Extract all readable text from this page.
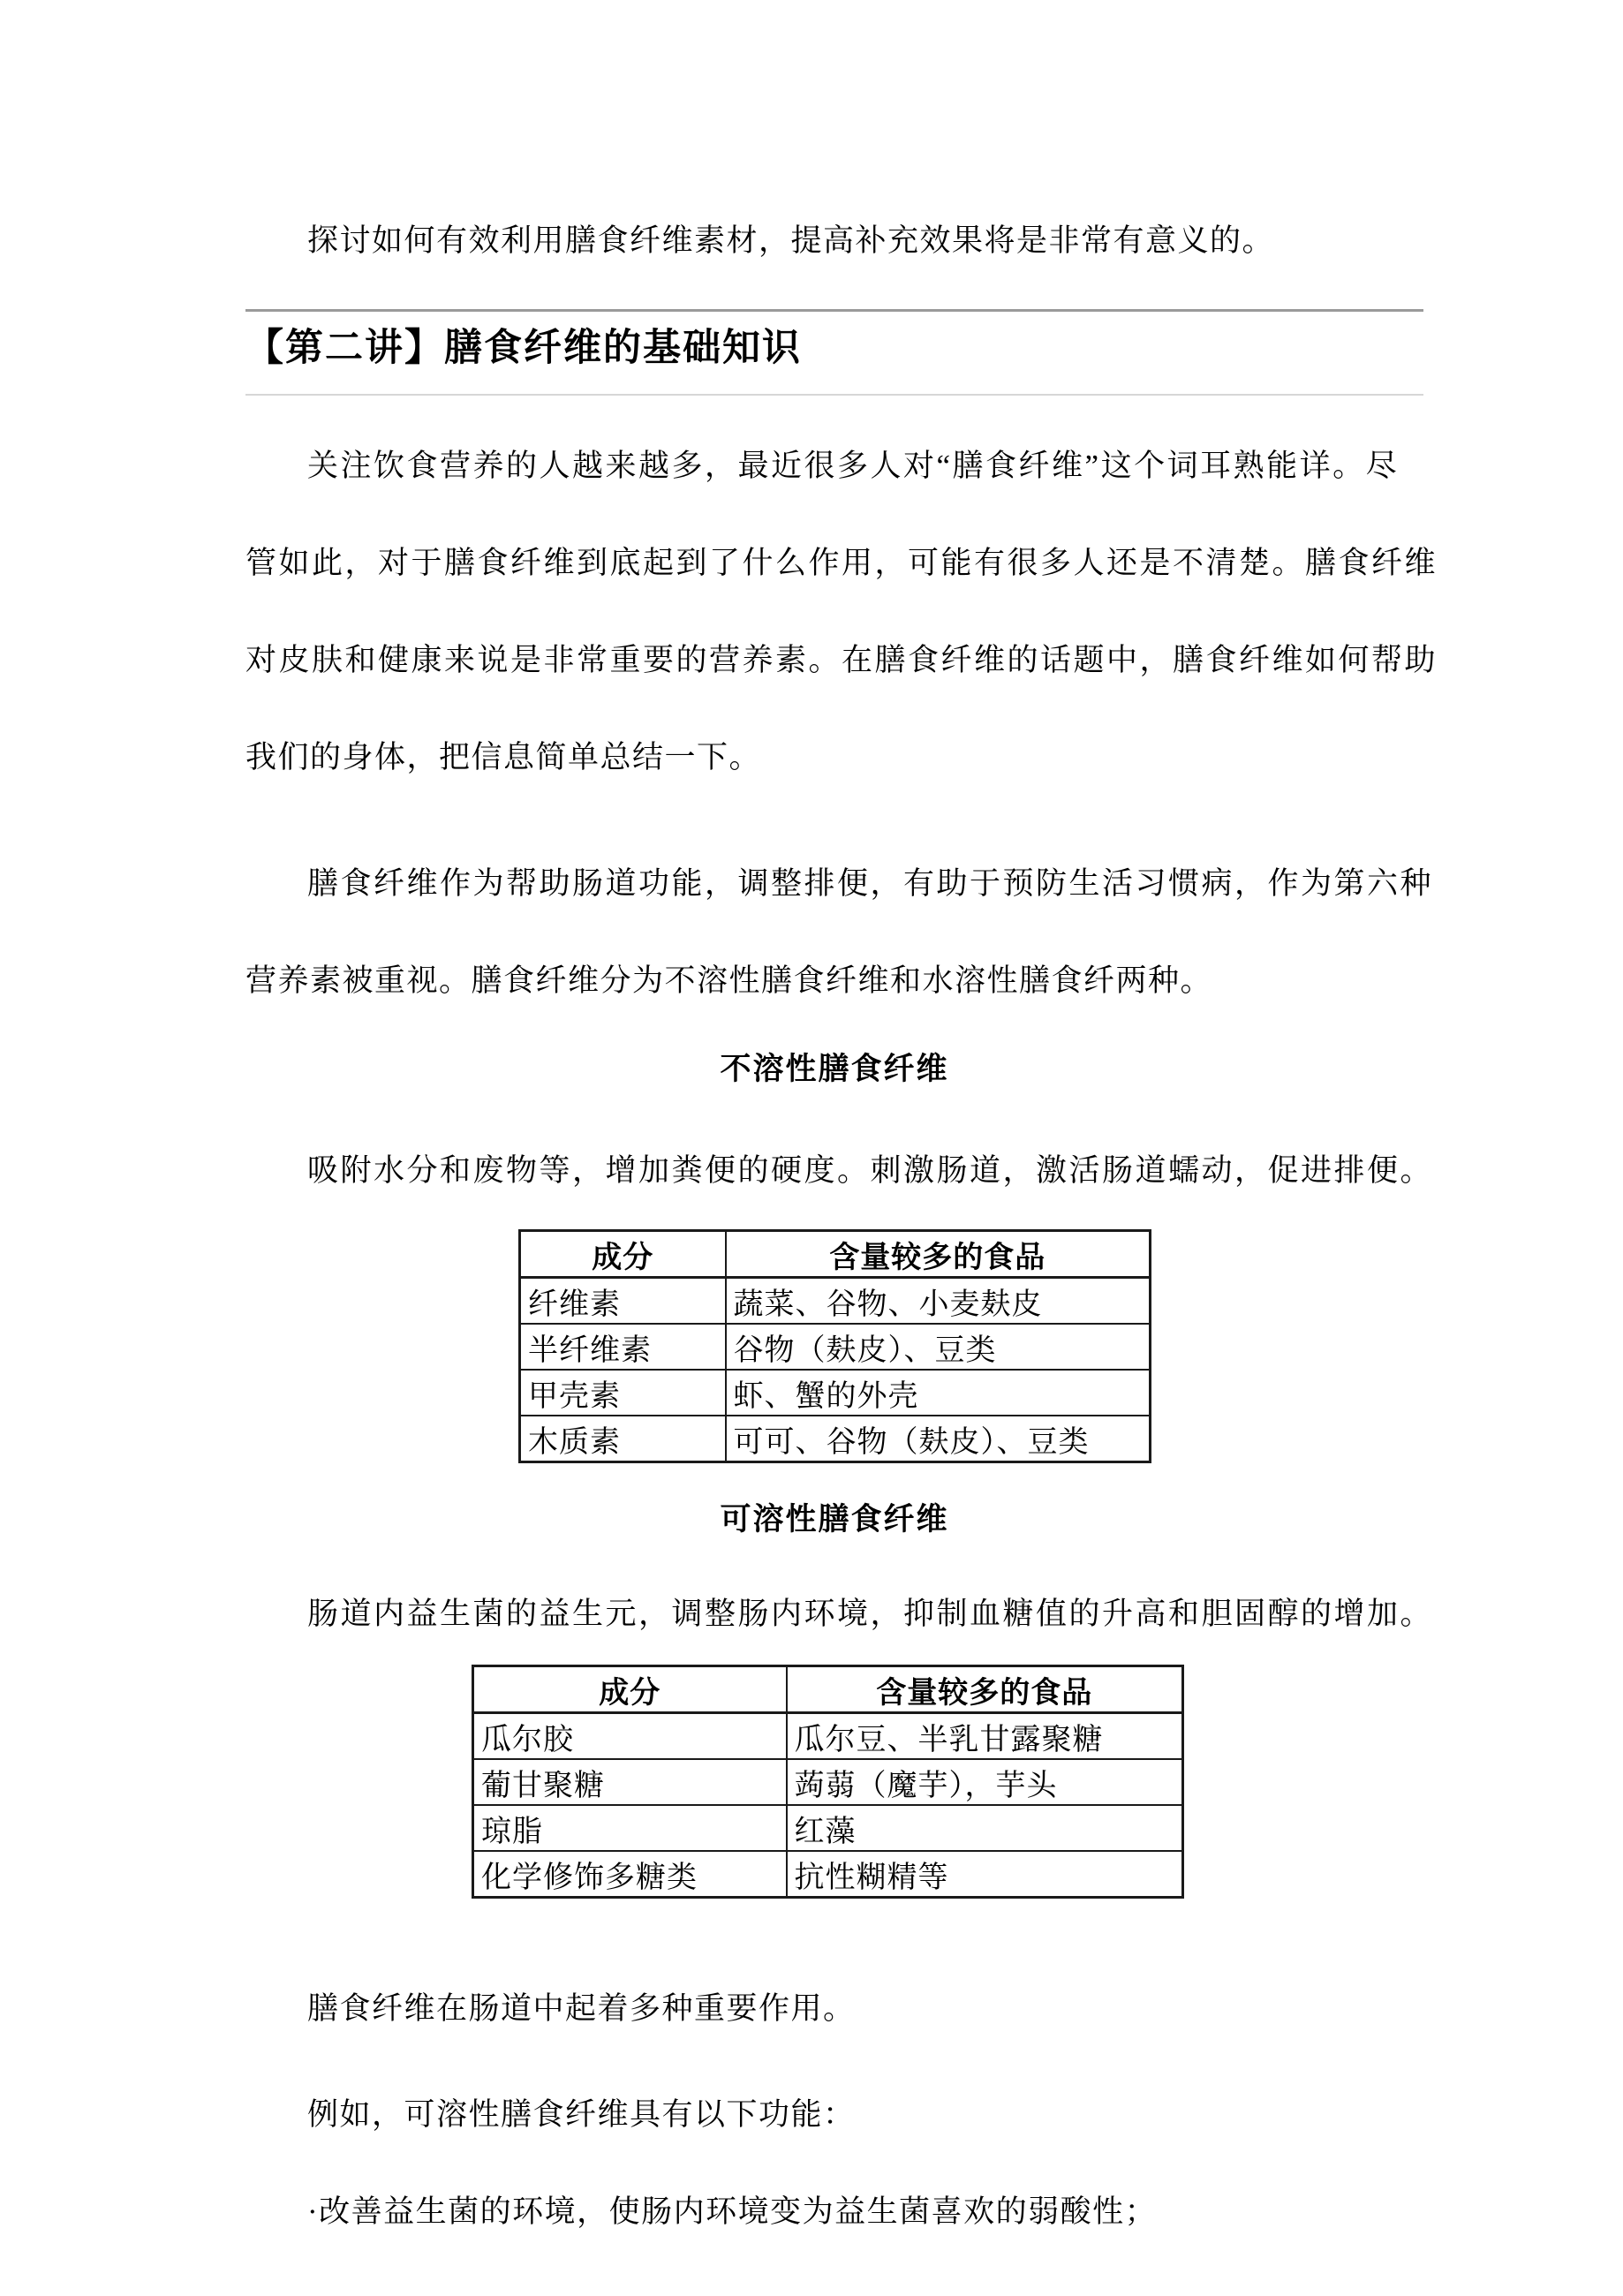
探讨如何有效利用膳食纤维素材，提高补充效果将是非常有意义的。
【第二讲】膳食纤维的基础知识
关注饮食营养的人越来越多，最近很多人对“膳食纤维”这个词耳熟能详。尽
管如此，对于膳食纤维到底起到了什么作用，可能有很多人还是不清楚。膳食纤维
对皮肤和健康来说是非常重要的营养素。在膳食纤维的话题中，膳食纤维如何帮助
我们的身体，把信息简单总结一下。
膳食纤维作为帮助肠道功能，调整排便，有助于预防生活习惯病，作为第六种
营养素被重视。膳食纤维分为不溶性膳食纤维和水溶性膳食纤两种。
不溶性膳食纤维
吸附水分和废物等，增加粪便的硬度。刺激肠道，激活肠道蠕动，促进排便。
成分	含量较多的食品
纤维素	蔬菜、谷物、小麦麸皮
半纤维素	谷物（麸皮）、豆类
甲壳素	虾、蟹的外壳
木质素	可可、谷物（麸皮）、豆类
可溶性膳食纤维
肠道内益生菌的益生元，调整肠内环境，抑制血糖值的升高和胆固醇的增加。
成分	含量较多的食品
瓜尔胶	瓜尔豆、半乳甘露聚糖
葡甘聚糖	蒟蒻（魔芋），芋头
琼脂	红藻
化学修饰多糖类	抗性糊精等
膳食纤维在肠道中起着多种重要作用。
例如，可溶性膳食纤维具有以下功能：
·改善益生菌的环境，使肠内环境变为益生菌喜欢的弱酸性；
